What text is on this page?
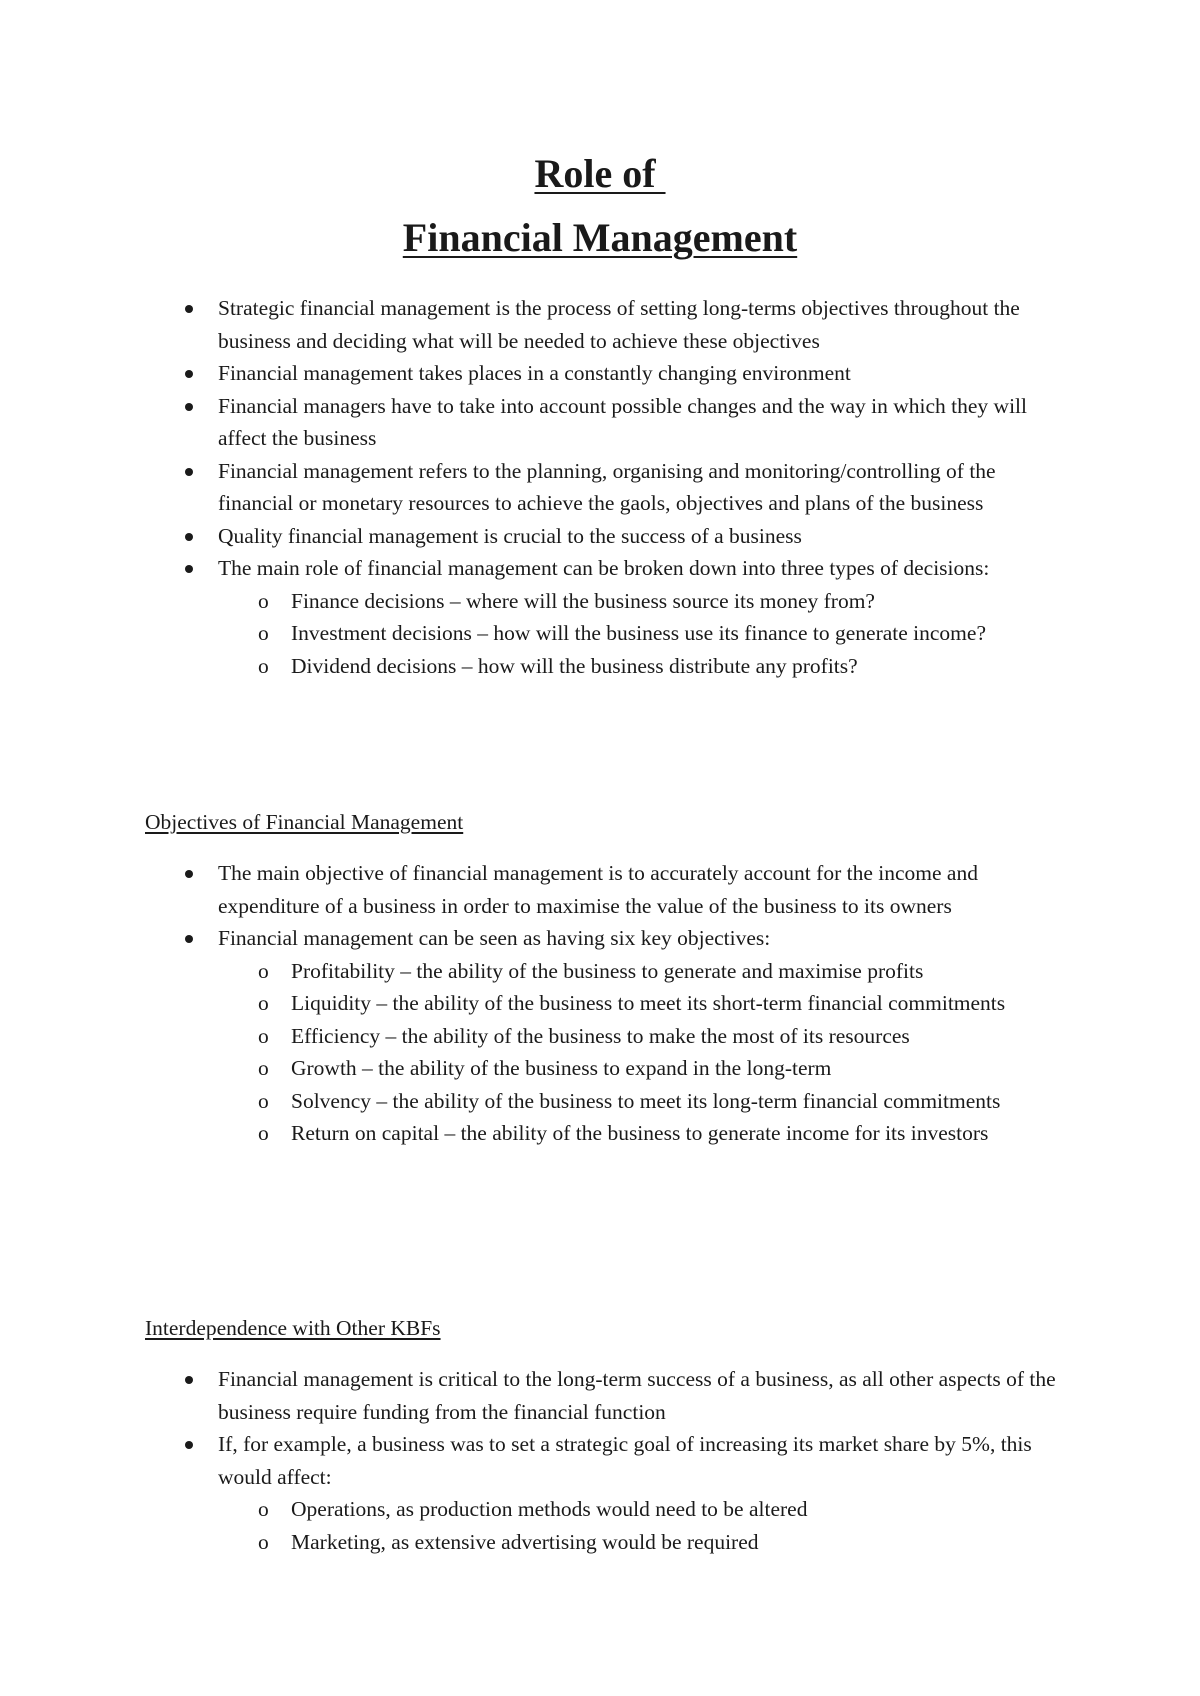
Role of
Financial Management
Strategic financial management is the process of setting long-terms objectives throughout the business and deciding what will be needed to achieve these objectives
Financial management takes places in a constantly changing environment
Financial managers have to take into account possible changes and the way in which they will affect the business
Financial management refers to the planning, organising and monitoring/controlling of the financial or monetary resources to achieve the gaols, objectives and plans of the business
Quality financial management is crucial to the success of a business
The main role of financial management can be broken down into three types of decisions:
o Finance decisions – where will the business source its money from?
o Investment decisions – how will the business use its finance to generate income?
o Dividend decisions – how will the business distribute any profits?
Objectives of Financial Management
The main objective of financial management is to accurately account for the income and expenditure of a business in order to maximise the value of the business to its owners
Financial management can be seen as having six key objectives:
o Profitability – the ability of the business to generate and maximise profits
o Liquidity – the ability of the business to meet its short-term financial commitments
o Efficiency – the ability of the business to make the most of its resources
o Growth – the ability of the business to expand in the long-term
o Solvency – the ability of the business to meet its long-term financial commitments
o Return on capital – the ability of the business to generate income for its investors
Interdependence with Other KBFs
Financial management is critical to the long-term success of a business, as all other aspects of the business require funding from the financial function
If, for example, a business was to set a strategic goal of increasing its market share by 5%, this would affect:
o Operations, as production methods would need to be altered
o Marketing, as extensive advertising would be required
